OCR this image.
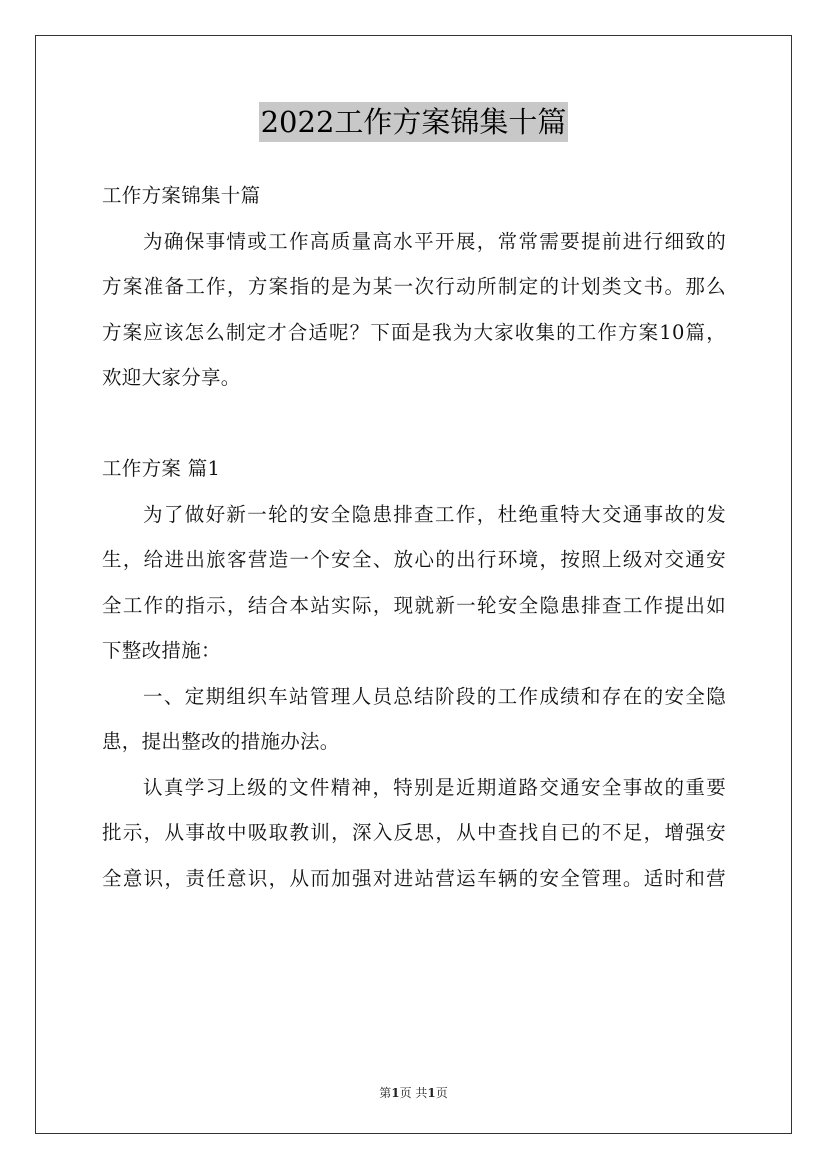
2022工作方案锦集十篇
工作方案锦集十篇
为确保事情或工作高质量高水平开展，常常需要提前进行细致的
方案准备工作，方案指的是为某一次行动所制定的计划类文书。那么
方案应该怎么制定才合适呢？下面是我为大家收集的工作方案10篇，
欢迎大家分享。
工作方案 篇1
为了做好新一轮的安全隐患排查工作，杜绝重特大交通事故的发
生，给进出旅客营造一个安全、放心的出行环境，按照上级对交通安
全工作的指示，结合本站实际，现就新一轮安全隐患排查工作提出如
下整改措施：
一、定期组织车站管理人员总结阶段的工作成绩和存在的安全隐
患，提出整改的措施办法。
认真学习上级的文件精神，特别是近期道路交通安全事故的重要
批示，从事故中吸取教训，深入反思，从中查找自已的不足，增强安
全意识，责任意识，从而加强对进站营运车辆的安全管理。适时和营
第1页 共1页
